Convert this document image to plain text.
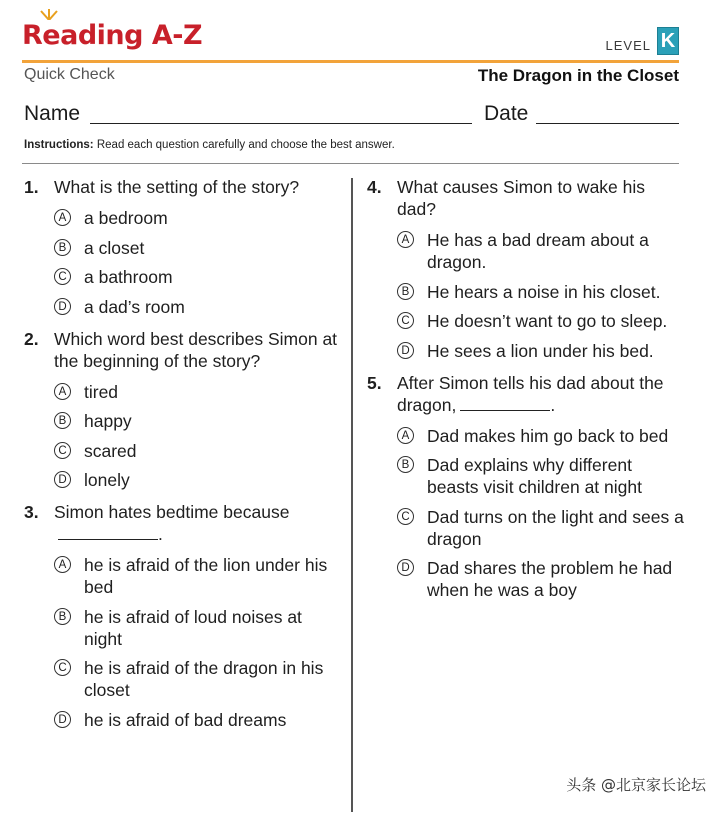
Reading A-Z	LEVEL K
Quick Check	The Dragon in the Closet
Name	Date
Instructions: Read each question carefully and choose the best answer.
1. What is the setting of the story?
A a bedroom
B a closet
C a bathroom
D a dad’s room
2. Which word best describes Simon at the beginning of the story?
A tired
B happy
C scared
D lonely
3. Simon hates bedtime because.
A he is afraid of the lion under his bed
B he is afraid of loud noises at night
C he is afraid of the dragon in his closet
D he is afraid of bad dreams
4. What causes Simon to wake his dad?
A He has a bad dream about a dragon.
B He hears a noise in his closet.
C He doesn’t want to go to sleep.
D He sees a lion under his bed.
5. After Simon tells his dad about the dragon,	.
A Dad makes him go back to bed
B Dad explains why different beasts visit children at night
C Dad turns on the light and sees a dragon
D Dad shares the problem he had when he was a boy
头条 @北京家长论坛
